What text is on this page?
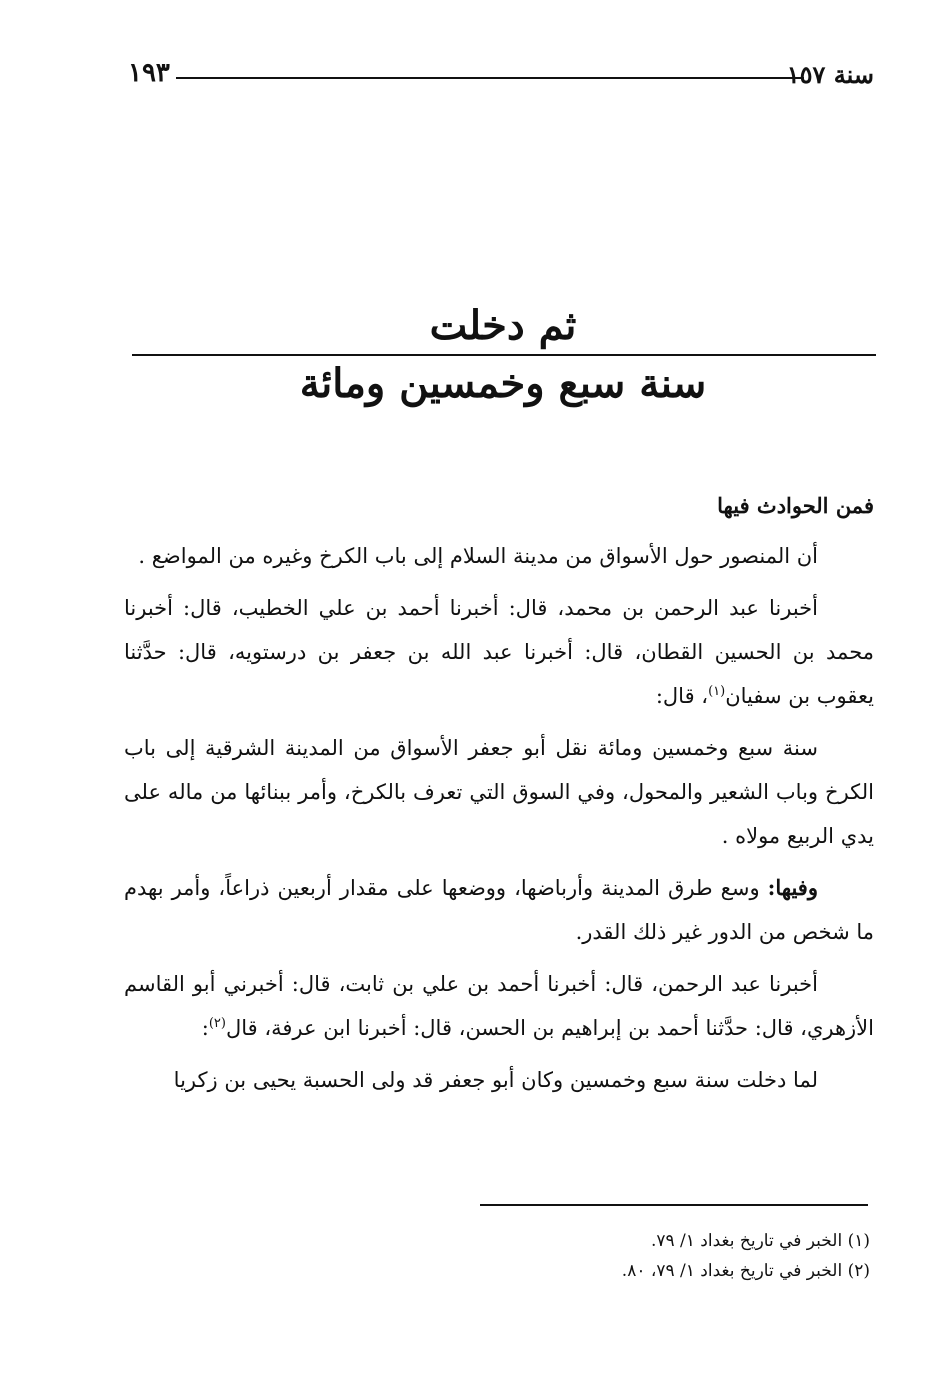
سنة ١٥٧
١٩٣
ثم دخلت
سنة سبع وخمسين ومائة

فمن الحوادث فيها

أن المنصور حول الأسواق من مدينة السلام إلى باب الكرخ وغيره من المواضع .

أخبرنا عبد الرحمن بن محمد، قال: أخبرنا أحمد بن علي الخطيب، قال: أخبرنا محمد بن الحسين القطان، قال: أخبرنا عبد الله بن جعفر بن درستويه، قال: حدَّثنا يعقوب بن سفيان$^{(١)}$، قال:

سنة سبع وخمسين ومائة نقل أبو جعفر الأسواق من المدينة الشرقية إلى باب الكرخ وباب الشعير والمحول، وفي السوق التي تعرف بالكرخ، وأمر ببنائها من ماله على يدي الربيع مولاه .

وفيها: وسع طرق المدينة وأرباضها، ووضعها على مقدار أربعين ذراعاً، وأمر بهدم ما شخص من الدور غير ذلك القدر.

أخبرنا عبد الرحمن، قال: أخبرنا أحمد بن علي بن ثابت، قال: أخبرني أبو القاسم الأزهري، قال: حدَّثنا أحمد بن إبراهيم بن الحسن، قال: أخبرنا ابن عرفة، قال$^{(٢)}$:

لما دخلت سنة سبع وخمسين وكان أبو جعفر قد ولى الحسبة يحيى بن زكريا

(١) الخبر في تاريخ بغداد ١/ ٧٩.

(٢) الخبر في تاريخ بغداد ١/ ٧٩، ٨٠.
